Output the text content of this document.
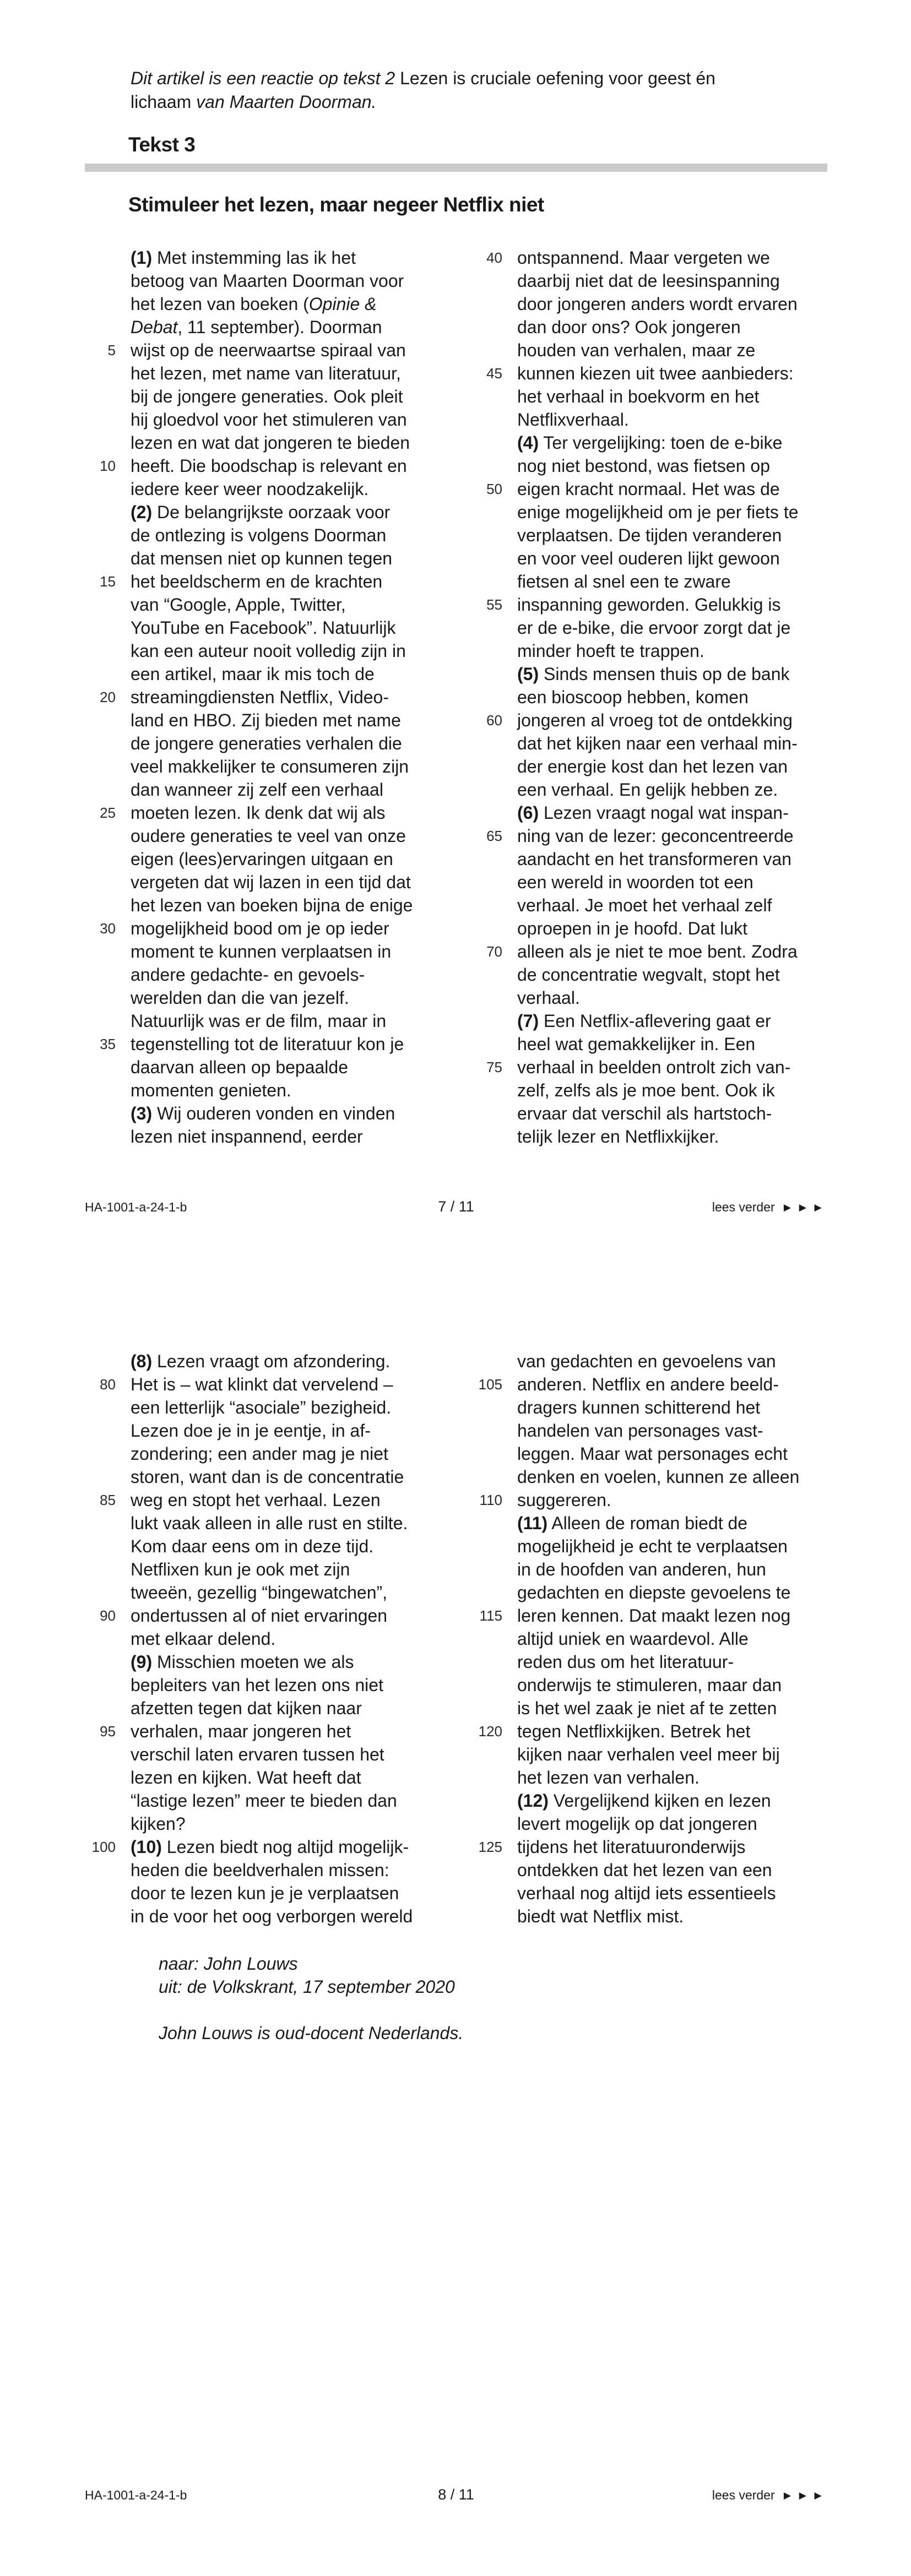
Dit artikel is een reactie op tekst 2 Lezen is cruciale oefening voor geest én
lichaam van Maarten Doorman.
Tekst 3
Stimuleer het lezen, maar negeer Netflix niet
(1) Met instemming las ik het
betoog van Maarten Doorman voor
het lezen van boeken (Opinie &
Debat, 11 september). Doorman
5 wijst op de neerwaartse spiraal van
het lezen, met name van literatuur,
bij de jongere generaties. Ook pleit
hij gloedvol voor het stimuleren van
lezen en wat dat jongeren te bieden
10 heeft. Die boodschap is relevant en
iedere keer weer noodzakelijk.
(2) De belangrijkste oorzaak voor
de ontlezing is volgens Doorman
dat mensen niet op kunnen tegen
15 het beeldscherm en de krachten
van “Google, Apple, Twitter,
YouTube en Facebook”. Natuurlijk
kan een auteur nooit volledig zijn in
een artikel, maar ik mis toch de
20 streamingdiensten Netflix, Video-
land en HBO. Zij bieden met name
de jongere generaties verhalen die
veel makkelijker te consumeren zijn
dan wanneer zij zelf een verhaal
25 moeten lezen. Ik denk dat wij als
oudere generaties te veel van onze
eigen (lees)ervaringen uitgaan en
vergeten dat wij lazen in een tijd dat
het lezen van boeken bijna de enige
30 mogelijkheid bood om je op ieder
moment te kunnen verplaatsen in
andere gedachte- en gevoels-
werelden dan die van jezelf.
Natuurlijk was er de film, maar in
35 tegenstelling tot de literatuur kon je
daarvan alleen op bepaalde
momenten genieten.
(3) Wij ouderen vonden en vinden
lezen niet inspannend, eerder
40 ontspannend. Maar vergeten we
daarbij niet dat de leesinspanning
door jongeren anders wordt ervaren
dan door ons? Ook jongeren
houden van verhalen, maar ze
45 kunnen kiezen uit twee aanbieders:
het verhaal in boekvorm en het
Netflixverhaal.
(4) Ter vergelijking: toen de e-bike
nog niet bestond, was fietsen op
50 eigen kracht normaal. Het was de
enige mogelijkheid om je per fiets te
verplaatsen. De tijden veranderen
en voor veel ouderen lijkt gewoon
fietsen al snel een te zware
55 inspanning geworden. Gelukkig is
er de e-bike, die ervoor zorgt dat je
minder hoeft te trappen.
(5) Sinds mensen thuis op de bank
een bioscoop hebben, komen
60 jongeren al vroeg tot de ontdekking
dat het kijken naar een verhaal min-
der energie kost dan het lezen van
een verhaal. En gelijk hebben ze.
(6) Lezen vraagt nogal wat inspan-
65 ning van de lezer: geconcentreerde
aandacht en het transformeren van
een wereld in woorden tot een
verhaal. Je moet het verhaal zelf
oproepen in je hoofd. Dat lukt
70 alleen als je niet te moe bent. Zodra
de concentratie wegvalt, stopt het
verhaal.
(7) Een Netflix-aflevering gaat er
heel wat gemakkelijker in. Een
75 verhaal in beelden ontrolt zich van-
zelf, zelfs als je moe bent. Ook ik
ervaar dat verschil als hartstoch-
telijk lezer en Netflixkijker.
HA-1001-a-24-1-b	7 / 11	lees verder ►►►
(8) Lezen vraagt om afzondering.
80 Het is – wat klinkt dat vervelend –
een letterlijk “asociale” bezigheid.
Lezen doe je in je eentje, in af-
zondering; een ander mag je niet
storen, want dan is de concentratie
85 weg en stopt het verhaal. Lezen
lukt vaak alleen in alle rust en stilte.
Kom daar eens om in deze tijd.
Netflixen kun je ook met zijn
tweeën, gezellig “bingewatchen”,
90 ondertussen al of niet ervaringen
met elkaar delend.
(9) Misschien moeten we als
bepleiters van het lezen ons niet
afzetten tegen dat kijken naar
95 verhalen, maar jongeren het
verschil laten ervaren tussen het
lezen en kijken. Wat heeft dat
“lastige lezen” meer te bieden dan
kijken?
100 (10) Lezen biedt nog altijd mogelijk-
heden die beeldverhalen missen:
door te lezen kun je je verplaatsen
in de voor het oog verborgen wereld
van gedachten en gevoelens van
105 anderen. Netflix en andere beeld-
dragers kunnen schitterend het
handelen van personages vast-
leggen. Maar wat personages echt
denken en voelen, kunnen ze alleen
110 suggereren.
(11) Alleen de roman biedt de
mogelijkheid je echt te verplaatsen
in de hoofden van anderen, hun
gedachten en diepste gevoelens te
115 leren kennen. Dat maakt lezen nog
altijd uniek en waardevol. Alle
reden dus om het literatuur-
onderwijs te stimuleren, maar dan
is het wel zaak je niet af te zetten
120 tegen Netflixkijken. Betrek het
kijken naar verhalen veel meer bij
het lezen van verhalen.
(12) Vergelijkend kijken en lezen
levert mogelijk op dat jongeren
125 tijdens het literatuuronderwijs
ontdekken dat het lezen van een
verhaal nog altijd iets essentieels
biedt wat Netflix mist.
naar: John Louws
uit: de Volkskrant, 17 september 2020

John Louws is oud-docent Nederlands.
HA-1001-a-24-1-b	8 / 11	lees verder ►►►
